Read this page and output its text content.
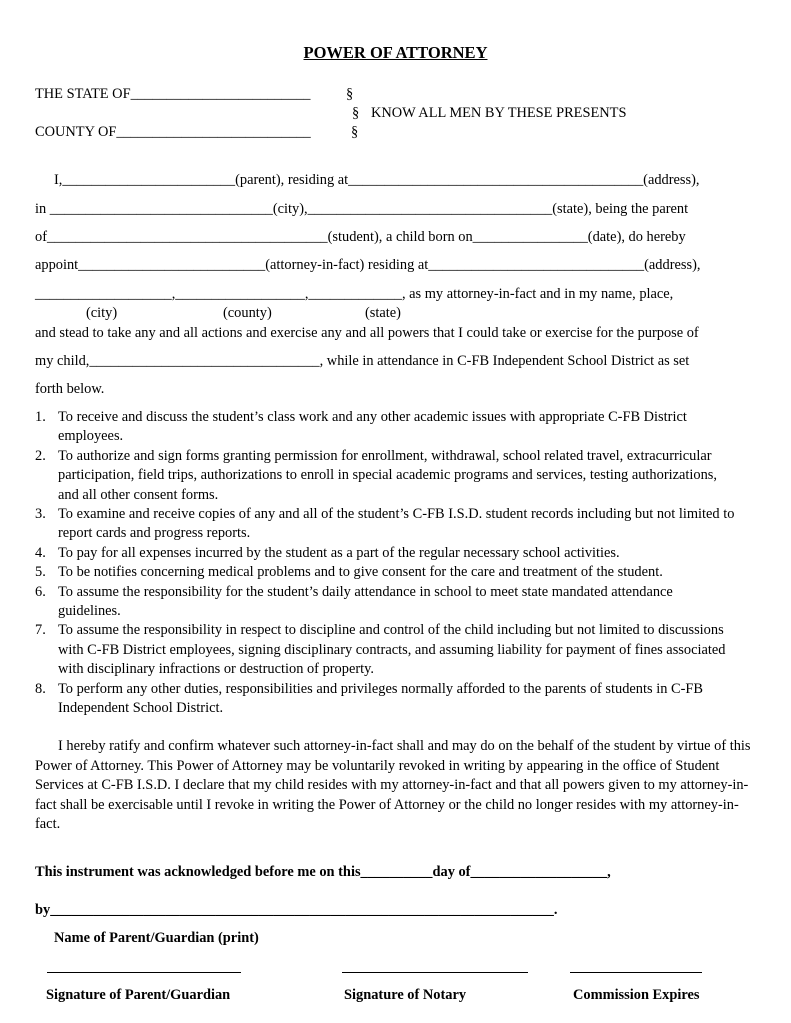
POWER OF ATTORNEY
THE STATE OF_________________________ §
§ KNOW ALL MEN BY THESE PRESENTS
COUNTY OF___________________________	§
I,________________________(parent), residing at_________________________________________(address),
in _______________________________(city),__________________________________(state), being the parent
of_______________________________________(student), a child born on________________(date), do hereby
appoint__________________________(attorney-in-fact) residing at______________________________(address),
___________________,__________________,_____________, as my attorney-in-fact and in my name, place,
(city)	(county)	(state)
and stead to take any and all actions and exercise any and all powers that I could take or exercise for the purpose of
my child,________________________________, while in attendance in C-FB Independent School District as set
forth below.
1. To receive and discuss the student’s class work and any other academic issues with appropriate C-FB District employees.
2. To authorize and sign forms granting permission for enrollment, withdrawal, school related travel, extracurricular participation, field trips, authorizations to enroll in special academic programs and services, testing authorizations, and all other consent forms.
3. To examine and receive copies of any and all of the student’s C-FB I.S.D. student records including but not limited to report cards and progress reports.
4. To pay for all expenses incurred by the student as a part of the regular necessary school activities.
5. To be notifies concerning medical problems and to give consent for the care and treatment of the student.
6. To assume the responsibility for the student’s daily attendance in school to meet state mandated attendance guidelines.
7. To assume the responsibility in respect to discipline and control of the child including but not limited to discussions with C-FB District employees, signing disciplinary contracts, and assuming liability for payment of fines associated with disciplinary infractions or destruction of property.
8. To perform any other duties, responsibilities and privileges normally afforded to the parents of students in C-FB Independent School District.
I hereby ratify and confirm whatever such attorney-in-fact shall and may do on the behalf of the student by virtue of this Power of Attorney. This Power of Attorney may be voluntarily revoked in writing by appearing in the office of Student Services at C-FB I.S.D. I declare that my child resides with my attorney-in-fact and that all powers given to my attorney-in-fact shall be exercisable until I revoke in writing the Power of Attorney or the child no longer resides with my attorney-in-fact.
This instrument was acknowledged before me on this__________day of___________________,
by______________________________________________________________________.
Name of Parent/Guardian (print)
Signature of Parent/Guardian	Signature of Notary	Commission Expires
